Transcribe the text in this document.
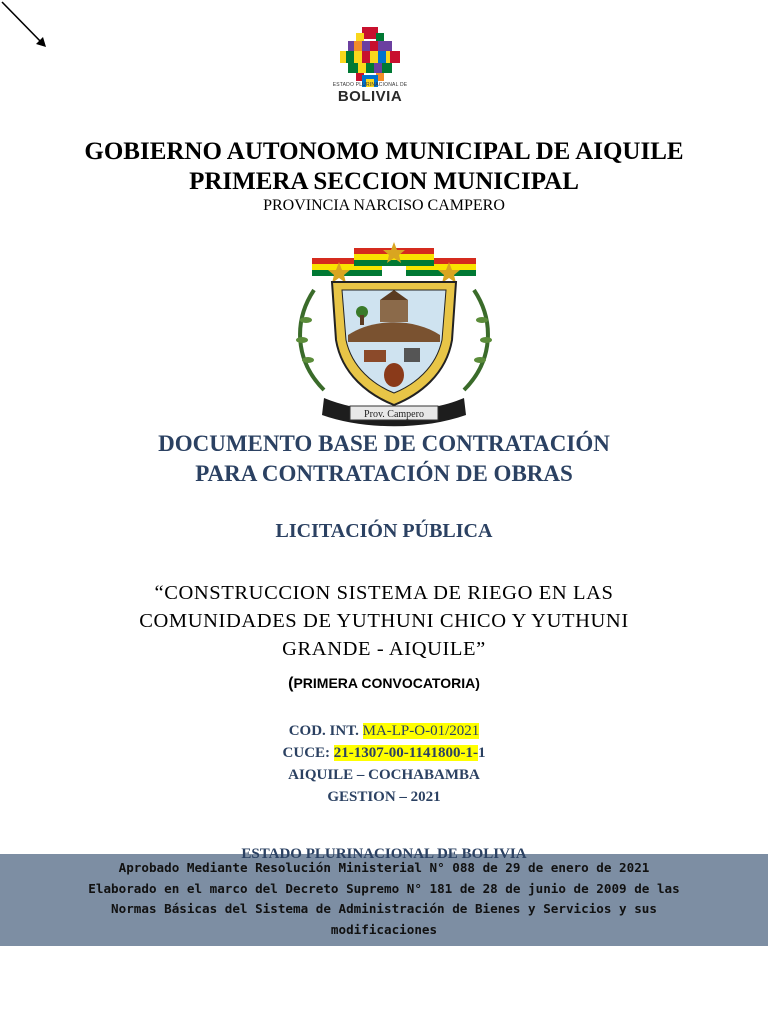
ESTADO PLURINACIONAL DE
BOLIVIA
GOBIERNO AUTONOMO MUNICIPAL DE AIQUILE
PRIMERA SECCION MUNICIPAL
PROVINCIA NARCISO CAMPERO
Prov. Campero
DOCUMENTO BASE DE CONTRATACIÓN
PARA CONTRATACIÓN DE OBRAS
LICITACIÓN PÚBLICA
“CONSTRUCCION SISTEMA DE RIEGO EN LAS
COMUNIDADES DE YUTHUNI CHICO Y YUTHUNI
GRANDE - AIQUILE”
(PRIMERA CONVOCATORIA)
COD. INT. MA-LP-O-01/2021
CUCE: 21-1307-00-1141800-1-1
AIQUILE – COCHABAMBA
GESTION – 2021
ESTADO PLURINACIONAL DE BOLIVIA
Aprobado Mediante Resolución Ministerial N° 088 de 29 de enero de 2021
Elaborado en el marco del Decreto Supremo N° 181 de 28 de junio de 2009 de las
Normas Básicas del Sistema de Administración de Bienes y Servicios y sus
modificaciones
